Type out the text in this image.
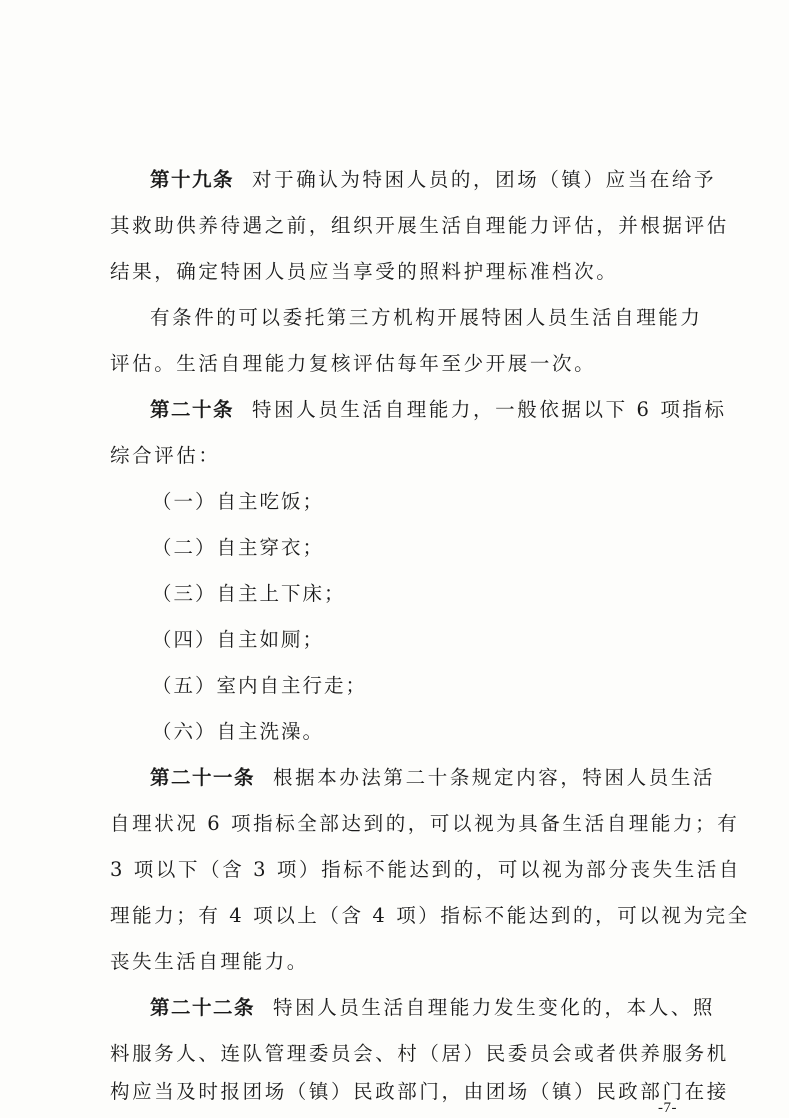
第十九条 对于确认为特困人员的，团场（镇）应当在给予
其救助供养待遇之前，组织开展生活自理能力评估，并根据评估
结果，确定特困人员应当享受的照料护理标准档次。
有条件的可以委托第三方机构开展特困人员生活自理能力
评估。生活自理能力复核评估每年至少开展一次。
第二十条 特困人员生活自理能力，一般依据以下 6 项指标
综合评估：
（一）自主吃饭；
（二）自主穿衣；
（三）自主上下床；
（四）自主如厕；
（五）室内自主行走；
（六）自主洗澡。
第二十一条 根据本办法第二十条规定内容，特困人员生活
自理状况 6 项指标全部达到的，可以视为具备生活自理能力；有
3 项以下（含 3 项）指标不能达到的，可以视为部分丧失生活自
理能力；有 4 项以上（含 4 项）指标不能达到的，可以视为完全
丧失生活自理能力。
第二十二条 特困人员生活自理能力发生变化的，本人、照
料服务人、连队管理委员会、村（居）民委员会或者供养服务机
构应当及时报团场（镇）民政部门，由团场（镇）民政部门在接
-7-
